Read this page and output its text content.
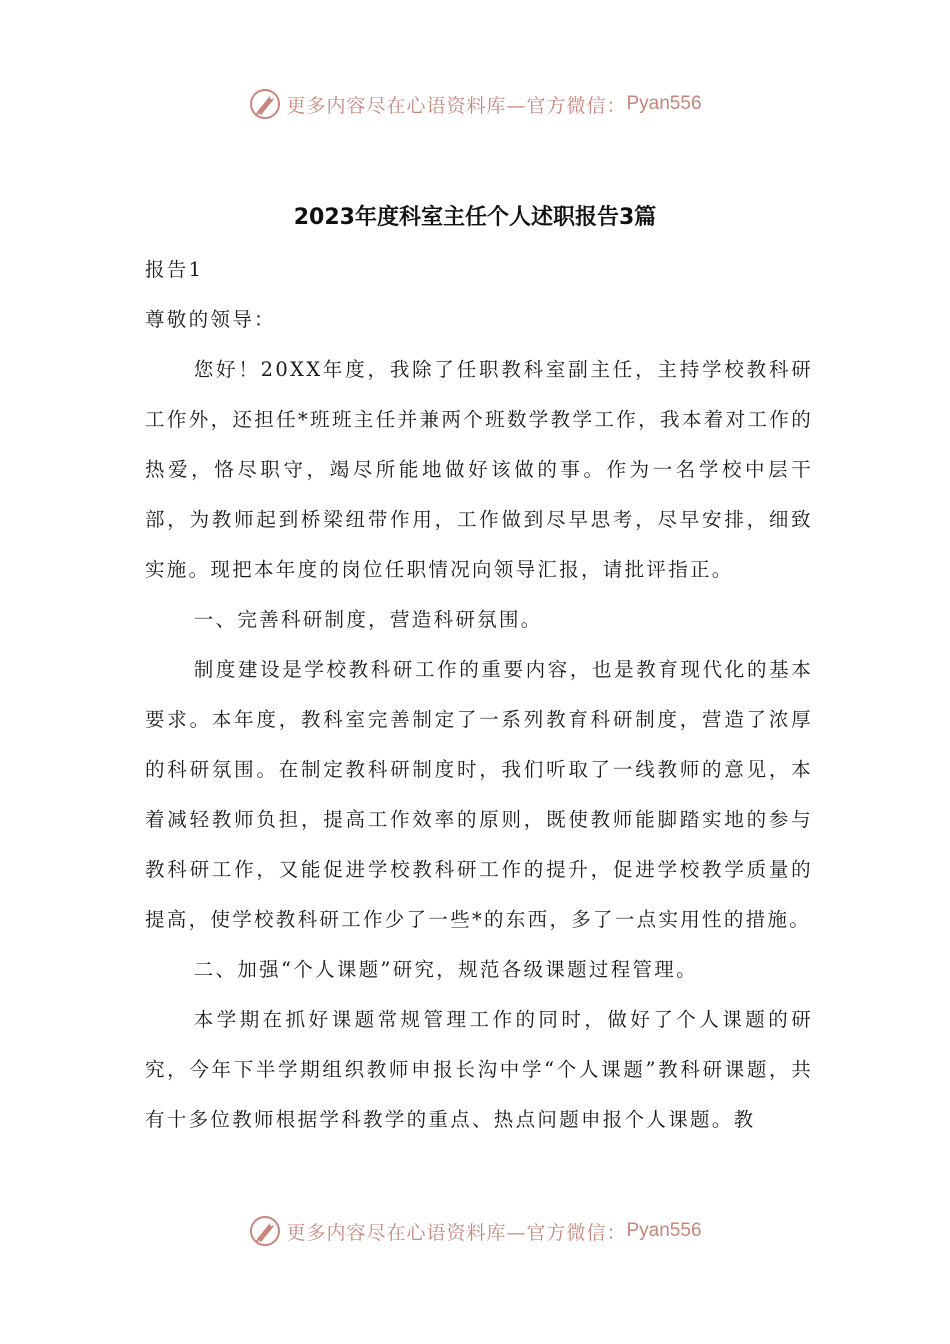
更多内容尽在心语资料库—官方微信： Pyan556
2023年度科室主任个人述职报告3篇

报告1

尊敬的领导：

您好！20XX年度，我除了任职教科室副主任，主持学校教科研工作外，还担任*班班主任并兼两个班数学教学工作，我本着对工作的热爱，恪尽职守，竭尽所能地做好该做的事。作为一名学校中层干部，为教师起到桥梁纽带作用，工作做到尽早思考，尽早安排，细致实施。现把本年度的岗位任职情况向领导汇报，请批评指正。

一、完善科研制度，营造科研氛围。

制度建设是学校教科研工作的重要内容，也是教育现代化的基本要求。本年度，教科室完善制定了一系列教育科研制度，营造了浓厚的科研氛围。在制定教科研制度时，我们听取了一线教师的意见，本着减轻教师负担，提高工作效率的原则，既使教师能脚踏实地的参与教科研工作，又能促进学校教科研工作的提升，促进学校教学质量的提高，使学校教科研工作少了一些*的东西，多了一点实用性的措施。

二、加强“个人课题”研究，规范各级课题过程管理。

本学期在抓好课题常规管理工作的同时，做好了个人课题的研究，今年下半学期组织教师申报长沟中学“个人课题”教科研课题，共有十多位教师根据学科教学的重点、热点问题申报个人课题。教

更多内容尽在心语资料库—官方微信： Pyan556
